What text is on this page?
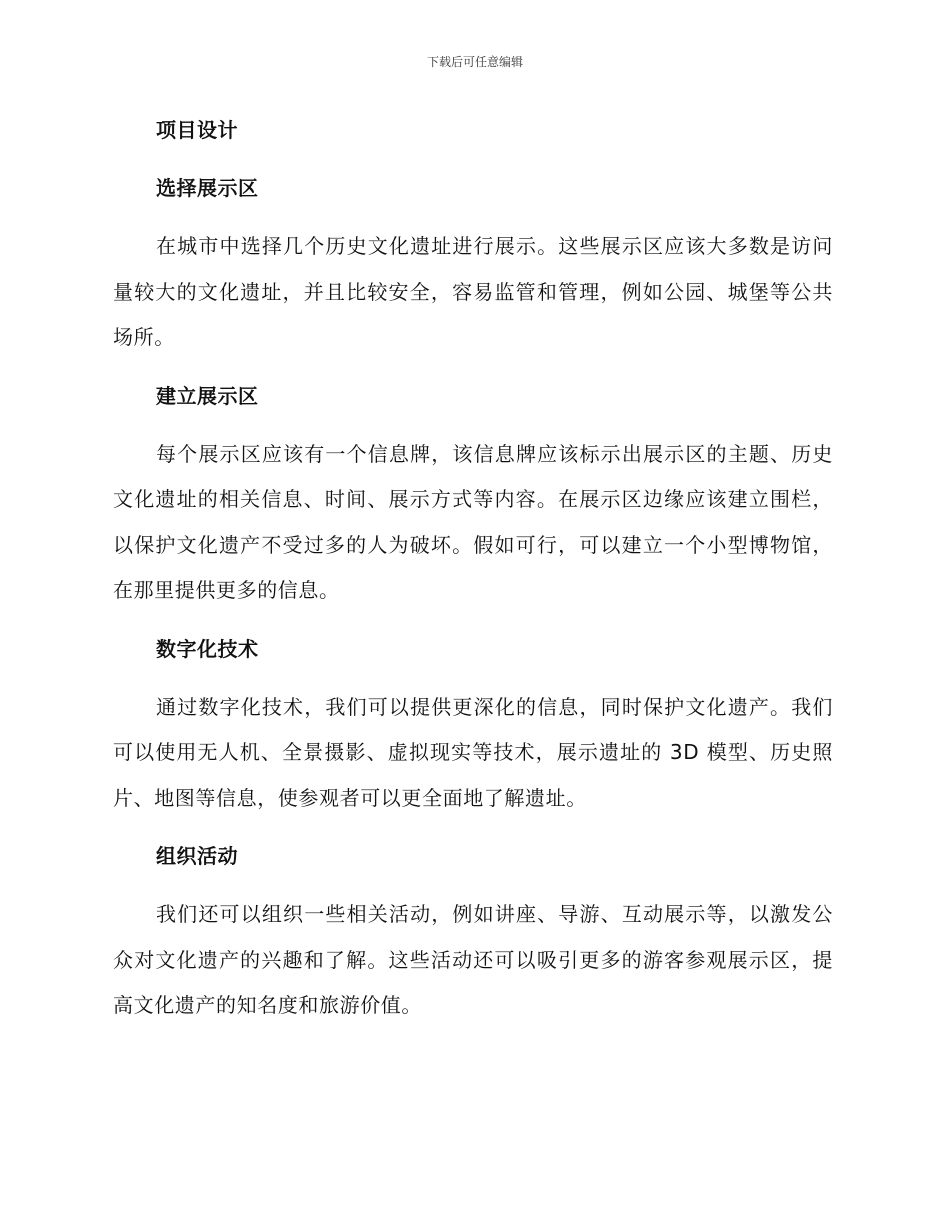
下载后可任意编辑
项目设计
选择展示区

在城市中选择几个历史文化遗址进行展示。这些展示区应该大多数是访问量较大的文化遗址，并且比较安全，容易监管和管理，例如公园、城堡等公共场所。

建立展示区

每个展示区应该有一个信息牌，该信息牌应该标示出展示区的主题、历史文化遗址的相关信息、时间、展示方式等内容。在展示区边缘应该建立围栏，以保护文化遗产不受过多的人为破坏。假如可行，可以建立一个小型博物馆，在那里提供更多的信息。

数字化技术

通过数字化技术，我们可以提供更深化的信息，同时保护文化遗产。我们可以使用无人机、全景摄影、虚拟现实等技术，展示遗址的 3D 模型、历史照片、地图等信息，使参观者可以更全面地了解遗址。

组织活动

我们还可以组织一些相关活动，例如讲座、导游、互动展示等，以激发公众对文化遗产的兴趣和了解。这些活动还可以吸引更多的游客参观展示区，提高文化遗产的知名度和旅游价值。
